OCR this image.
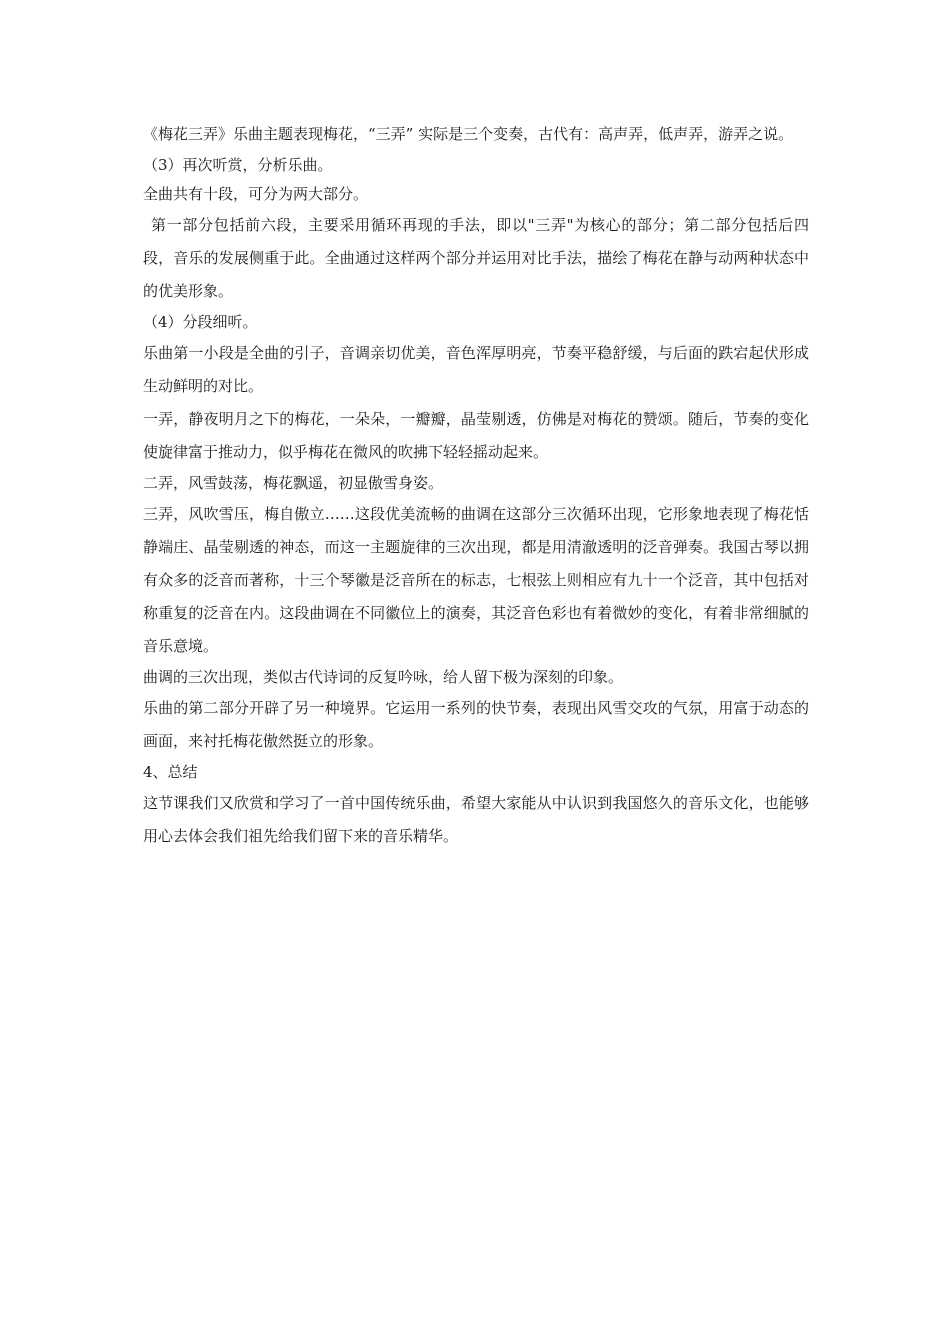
《梅花三弄》乐曲主题表现梅花，“三弄” 实际是三个变奏，古代有：高声弄，低声弄，游弄之说。

（3）再次听赏，分析乐曲。

全曲共有十段，可分为两大部分。

第一部分包括前六段，主要采用循环再现的手法，即以"三弄"为核心的部分；第二部分包括后四段，音乐的发展侧重于此。全曲通过这样两个部分并运用对比手法，描绘了梅花在静与动两种状态中的优美形象。

（4）分段细听。

乐曲第一小段是全曲的引子，音调亲切优美，音色浑厚明亮，节奏平稳舒缓，与后面的跌宕起伏形成生动鲜明的对比。

一弄，静夜明月之下的梅花，一朵朵，一瓣瓣，晶莹剔透，仿佛是对梅花的赞颂。随后，节奏的变化使旋律富于推动力，似乎梅花在微风的吹拂下轻轻摇动起来。

二弄，风雪鼓荡，梅花飘遥，初显傲雪身姿。

三弄，风吹雪压，梅自傲立……这段优美流畅的曲调在这部分三次循环出现，它形象地表现了梅花恬静端庄、晶莹剔透的神态，而这一主题旋律的三次出现，都是用清澈透明的泛音弹奏。我国古琴以拥有众多的泛音而著称，十三个琴徽是泛音所在的标志，七根弦上则相应有九十一个泛音，其中包括对称重复的泛音在内。这段曲调在不同徽位上的演奏，其泛音色彩也有着微妙的变化，有着非常细腻的音乐意境。

曲调的三次出现，类似古代诗词的反复吟咏，给人留下极为深刻的印象。

乐曲的第二部分开辟了另一种境界。它运用一系列的快节奏，表现出风雪交攻的气氛，用富于动态的画面，来衬托梅花傲然挺立的形象。

4、总结

这节课我们又欣赏和学习了一首中国传统乐曲，希望大家能从中认识到我国悠久的音乐文化，也能够用心去体会我们祖先给我们留下来的音乐精华。
